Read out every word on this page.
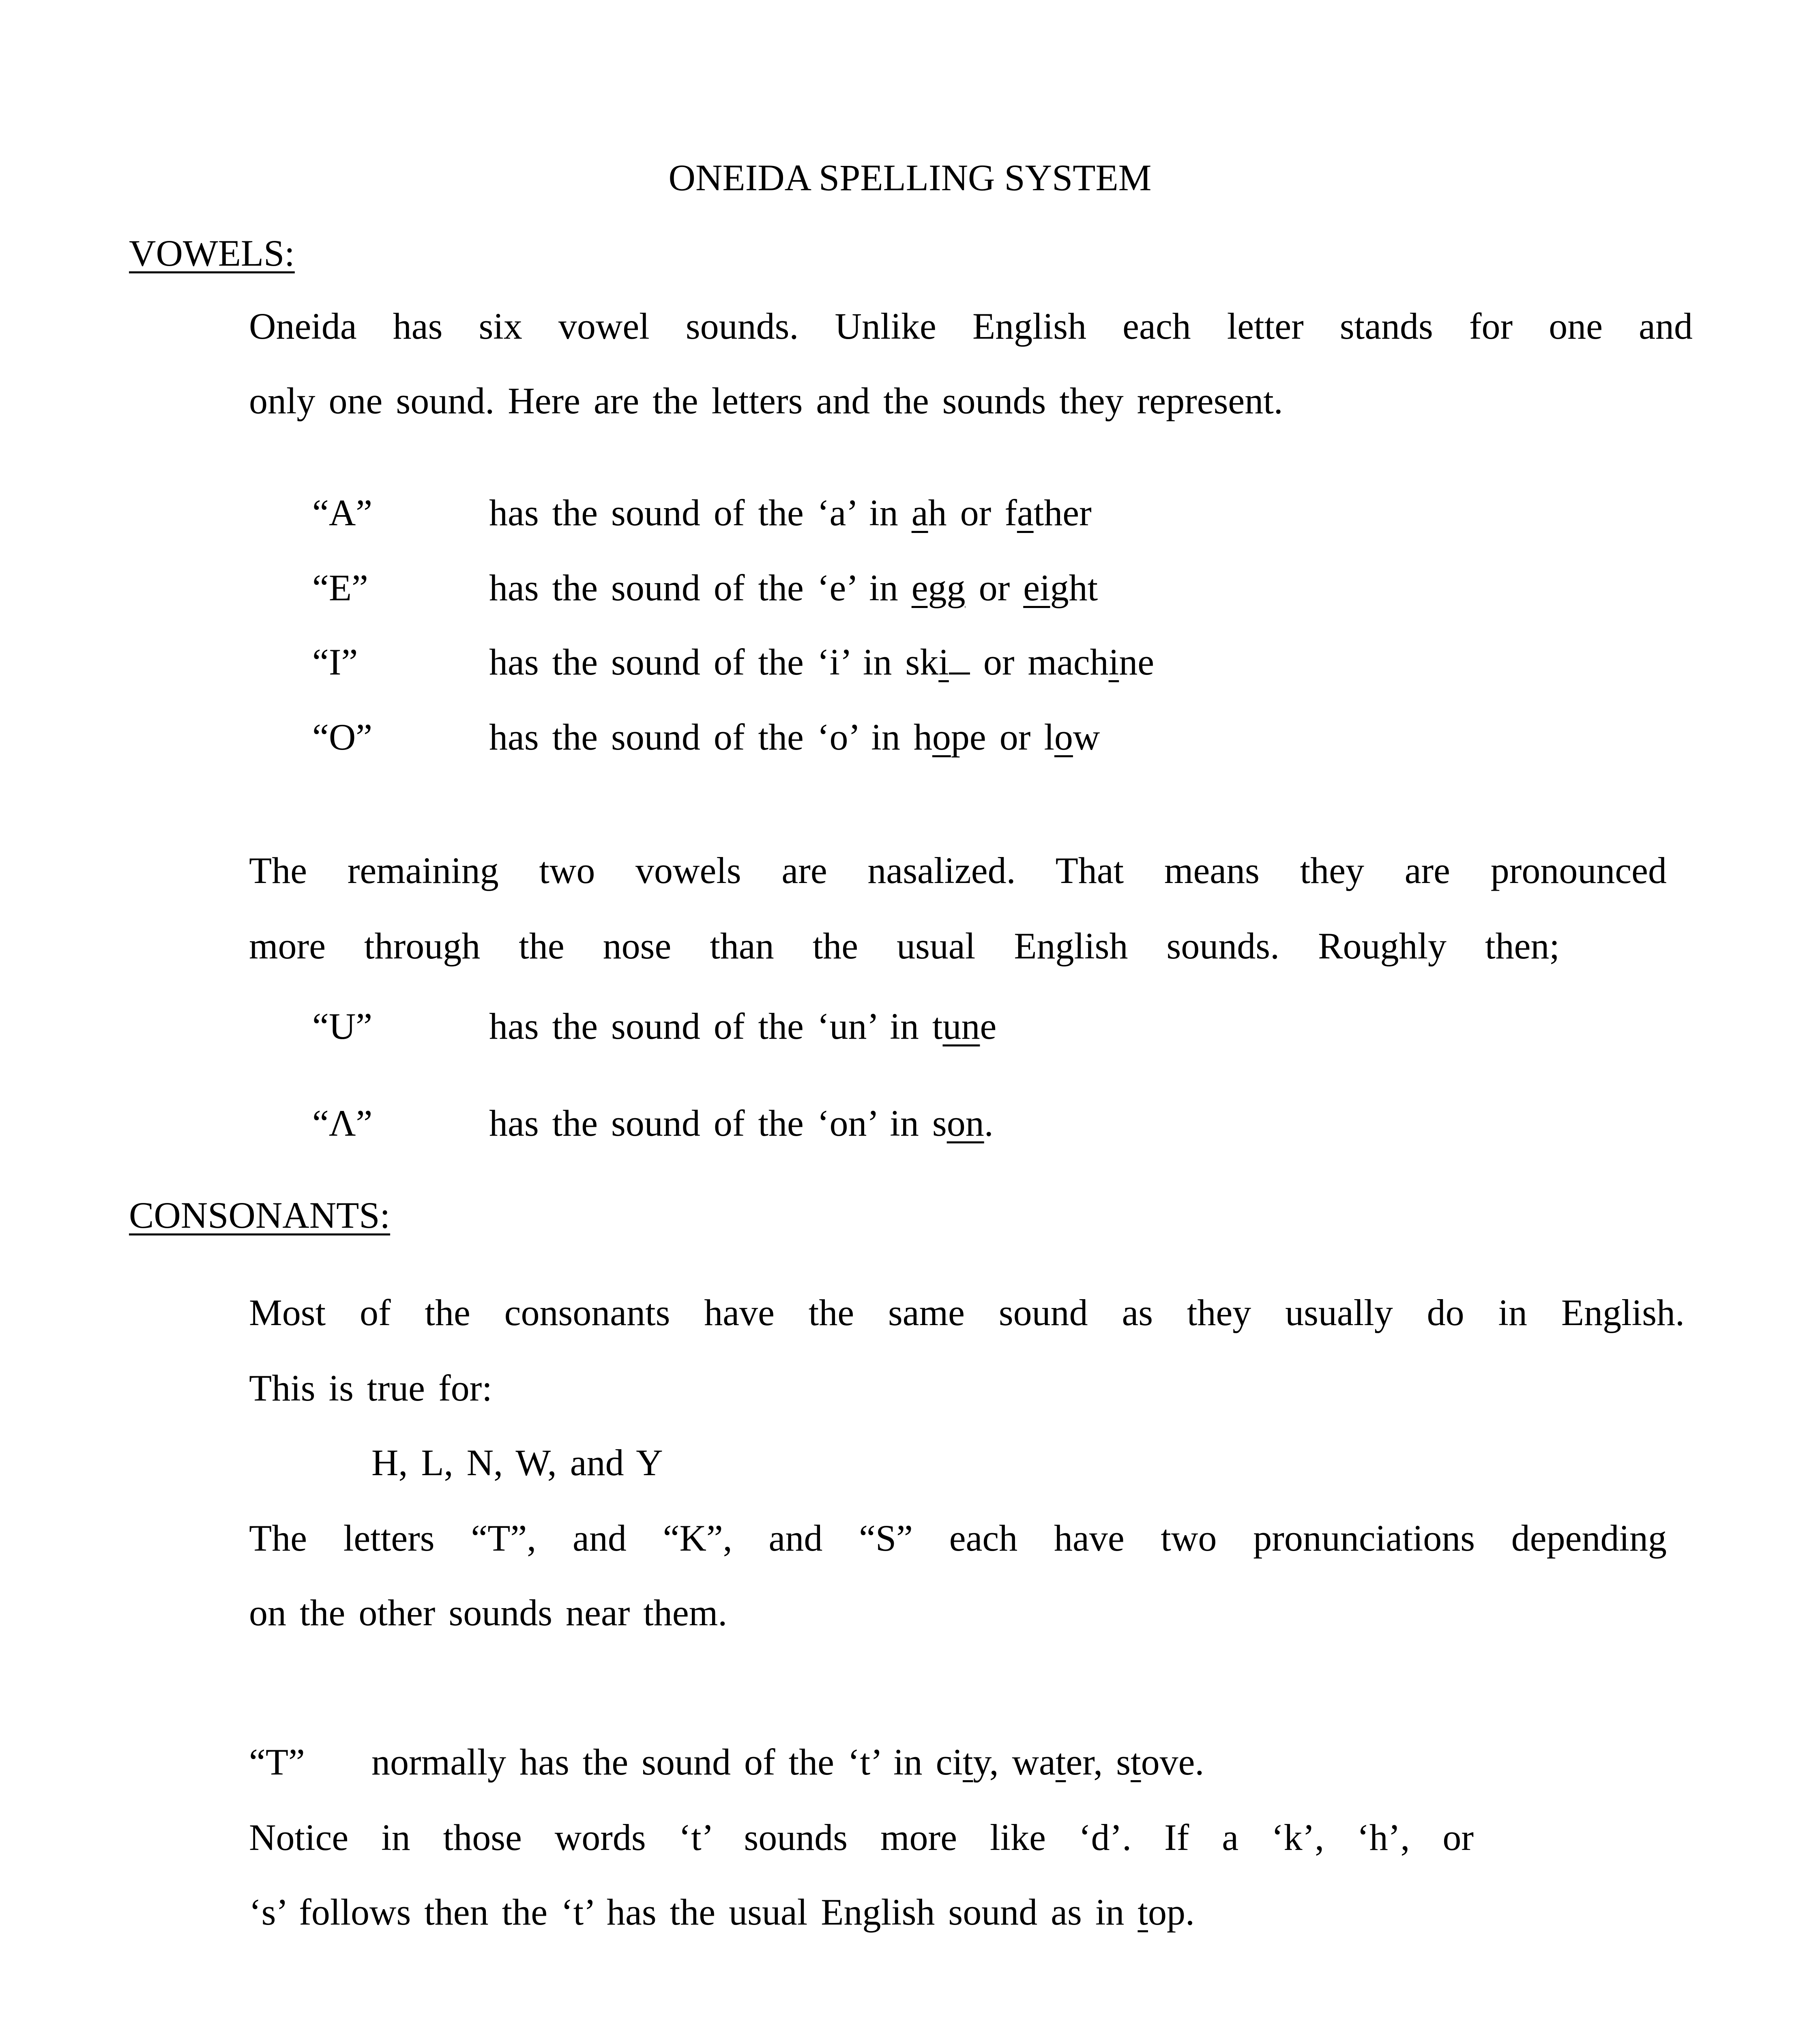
ONEIDA SPELLING SYSTEM
VOWELS:
Oneida has six vowel sounds. Unlike English each letter stands for one and
only one sound. Here are the letters and the sounds they represent.
“A”	has the sound of the ‘a’ in ah or father
“E”	has the sound of the ‘e’ in egg or eight
“I”	has the sound of the ‘i’ in ski or machine
“O”	has the sound of the ‘o’ in hope or low
The remaining two vowels are nasalized. That means they are pronounced
more through the nose than the usual English sounds. Roughly then;
“U”	has the sound of the ‘un’ in tune
“Λ”	has the sound of the ‘on’ in son.
CONSONANTS:
Most of the consonants have the same sound as they usually do in English.
This is true for:
H, L, N, W, and Y
The letters “T”, and “K”, and “S” each have two pronunciations depending
on the other sounds near them.
“T” normally has the sound of the ‘t’ in city, water, stove.
Notice in those words ‘t’ sounds more like ‘d’. If a ‘k’, ‘h’, or
‘s’ follows then the ‘t’ has the usual English sound as in top.
